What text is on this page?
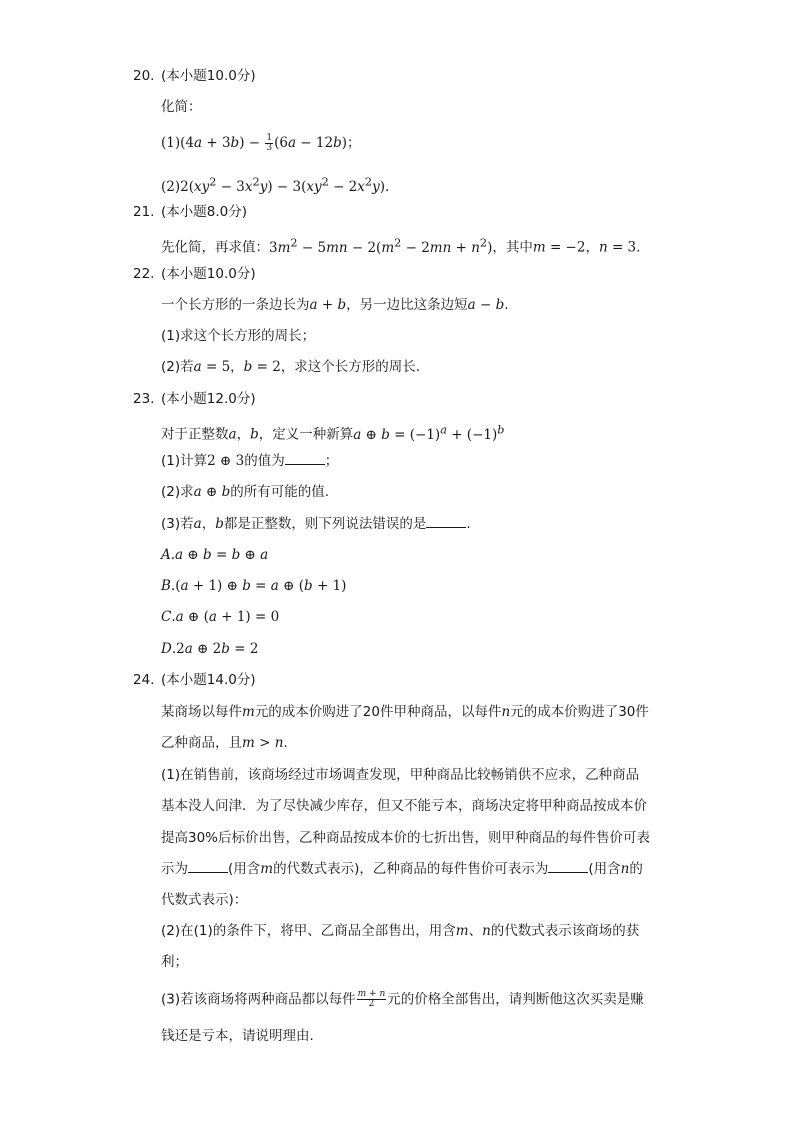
20. (本小题10.0分)
化简：
$(1)(4a + 3b) - \frac{1}{3} (6a - 12b)$；
$(2)2(xy^2 - 3x^2y) - 3(xy^2 - 2x^2y)$.
21. (本小题8.0分)
先化简，再求值：$3m^2 - 5mn - 2(m^2 - 2mn + n^2)$，其中m = −2，n = 3.
22. (本小题10.0分)
一个长方形的一条边长为a + b，另一边比这条边短a − b.
(1)求这个长方形的周长；
(2)若a = 5，b = 2，求这个长方形的周长.
23. (本小题12.0分)
对于正整数a，b，定义一种新算a ⊕ $b = (-1)^a + (-1)^b$
(1)计算2 ⊕ 3的值为	；
(2)求a ⊕ b的所有可能的值.
(3)若a，b都是正整数，则下列说法错误的是	.
A.a ⊕ b = b ⊕ a
B.(a + 1) ⊕ b = a ⊕ (b + 1)
C.a ⊕ (a + 1) = 0
D.2a ⊕ 2b = 2
24. (本小题14.0分)
某商场以每件m元的成本价购进了20件甲种商品，以每件n元的成本价购进了30件
乙种商品，且m > n.
(1)在销售前，该商场经过市场调查发现，甲种商品比较畅销供不应求，乙种商品
基本没人问津．为了尽快减少库存，但又不能亏本，商场决定将甲种商品按成本价
提高30%后标价出售，乙种商品按成本价的七折出售，则甲种商品的每件售价可表
示为	(用含m的代数式表示)，乙种商品的每件售价可表示为	(用含n的
代数式表示)：
(2)在(1)的条件下，将甲、乙商品全部售出，用含m、n的代数式表示该商场的获
利；
(3)若该商场将两种商品都以每件 $\frac{m + n}{2}$ 元的价格全部售出，请判断他这次买卖是赚
钱还是亏本，请说明理由.
